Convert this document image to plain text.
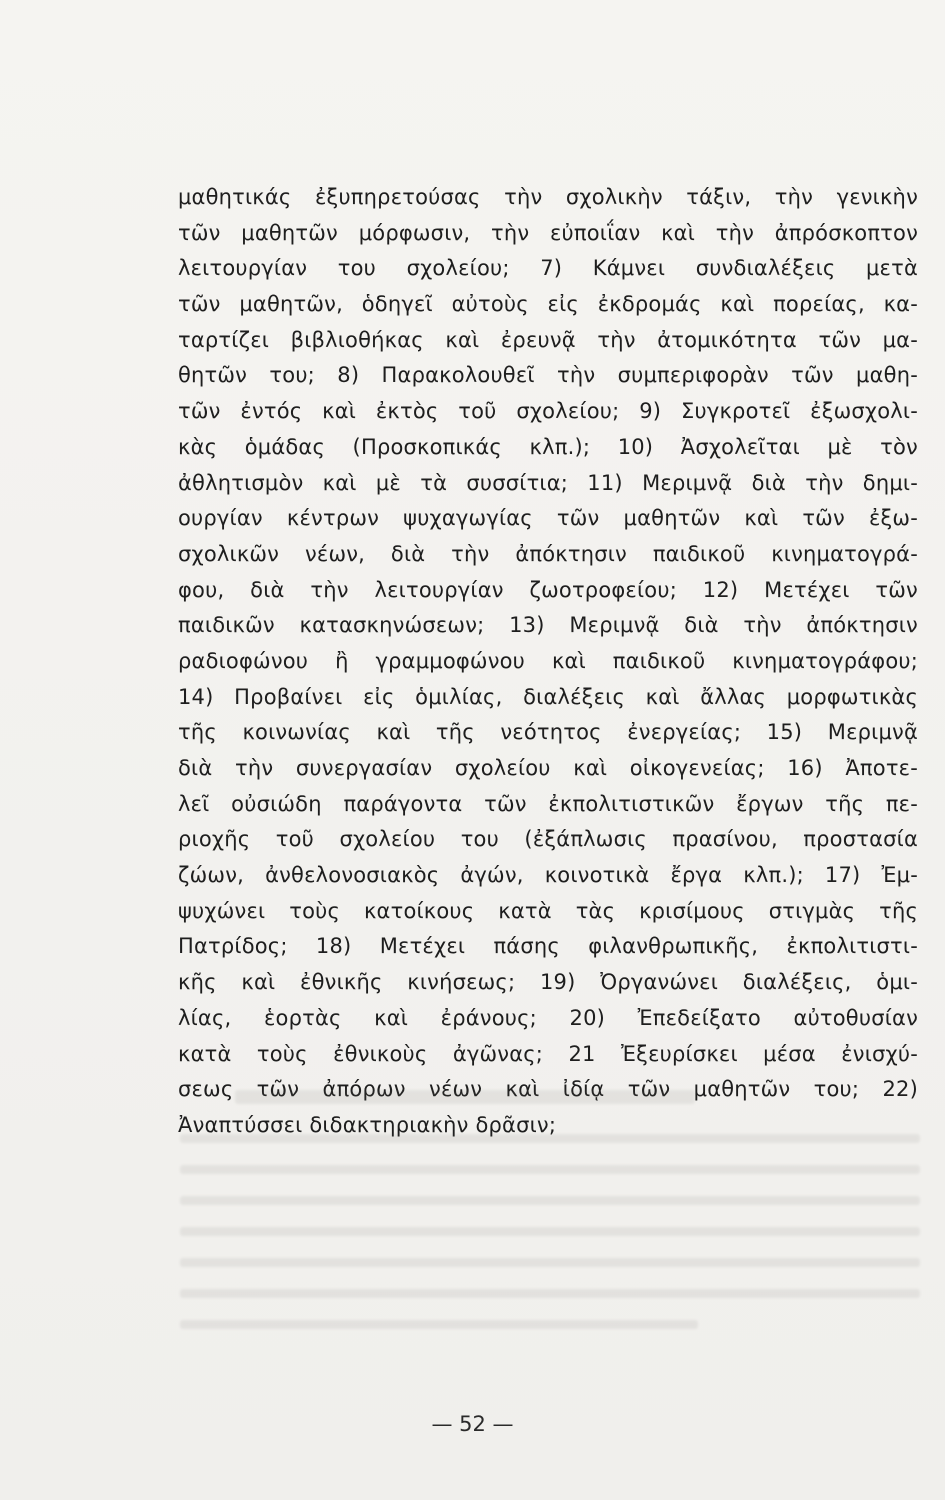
μαθητικάς ἐξυπηρετούσας τὴν σχολικὴν τάξιν, τὴν γενικὴν
τῶν μαθητῶν μόρφωσιν, τὴν εὐποιΐαν καὶ τὴν ἀπρόσκοπτον
λειτουργίαν του σχολείου; 7) Κάμνει συνδιαλέξεις μετὰ
τῶν μαθητῶν, ὁδηγεῖ αὐτοὺς εἰς ἐκδρομάς καὶ πορείας, κα-
ταρτίζει βιβλιοθήκας καὶ ἐρευνᾷ τὴν ἀτομικότητα τῶν μα-
θητῶν του; 8) Παρακολουθεῖ τὴν συμπεριφορὰν τῶν μαθη-
τῶν ἐντός καὶ ἐκτὸς τοῦ σχολείου; 9) Συγκροτεῖ ἐξωσχολι-
κὰς ὁμάδας (Προσκοπικάς κλπ.); 10) Ἀσχολεῖται μὲ τὸν
ἀθλητισμὸν καὶ μὲ τὰ συσσίτια; 11) Μεριμνᾷ διὰ τὴν δημι-
ουργίαν κέντρων ψυχαγωγίας τῶν μαθητῶν καὶ τῶν ἐξω-
σχολικῶν νέων, διὰ τὴν ἀπόκτησιν παιδικοῦ κινηματογρά-
φου, διὰ τὴν λειτουργίαν ζωοτροφείου; 12) Μετέχει τῶν
παιδικῶν κατασκηνώσεων; 13) Μεριμνᾷ διὰ τὴν ἀπόκτησιν
ραδιοφώνου ἢ γραμμοφώνου καὶ παιδικοῦ κινηματογράφου;
14) Προβαίνει εἰς ὁμιλίας, διαλέξεις καὶ ἄλλας μορφωτικὰς
τῆς κοινωνίας καὶ τῆς νεότητος ἐνεργείας; 15) Μεριμνᾷ
διὰ τὴν συνεργασίαν σχολείου καὶ οἰκογενείας; 16) Ἀποτε-
λεῖ οὐσιώδη παράγοντα τῶν ἐκπολιτιστικῶν ἔργων τῆς πε-
ριοχῆς τοῦ σχολείου του (ἐξάπλωσις πρασίνου, προστασία
ζώων, ἀνθελονοσιακὸς ἀγών, κοινοτικὰ ἔργα κλπ.); 17) Ἐμ-
ψυχώνει τοὺς κατοίκους κατὰ τὰς κρισίμους στιγμὰς τῆς
Πατρίδος; 18) Μετέχει πάσης φιλανθρωπικῆς, ἐκπολιτιστι-
κῆς καὶ ἐθνικῆς κινήσεως; 19) Ὀργανώνει διαλέξεις, ὁμι-
λίας, ἑορτὰς καὶ ἐράνους; 20) Ἐπεδείξατο αὐτοθυσίαν
κατὰ τοὺς ἐθνικοὺς ἀγῶνας; 21 Ἐξευρίσκει μέσα ἐνισχύ-
σεως τῶν ἀπόρων νέων καὶ ἰδίᾳ τῶν μαθητῶν του; 22)
Ἀναπτύσσει διδακτηριακὴν δρᾶσιν;
— 52 —
